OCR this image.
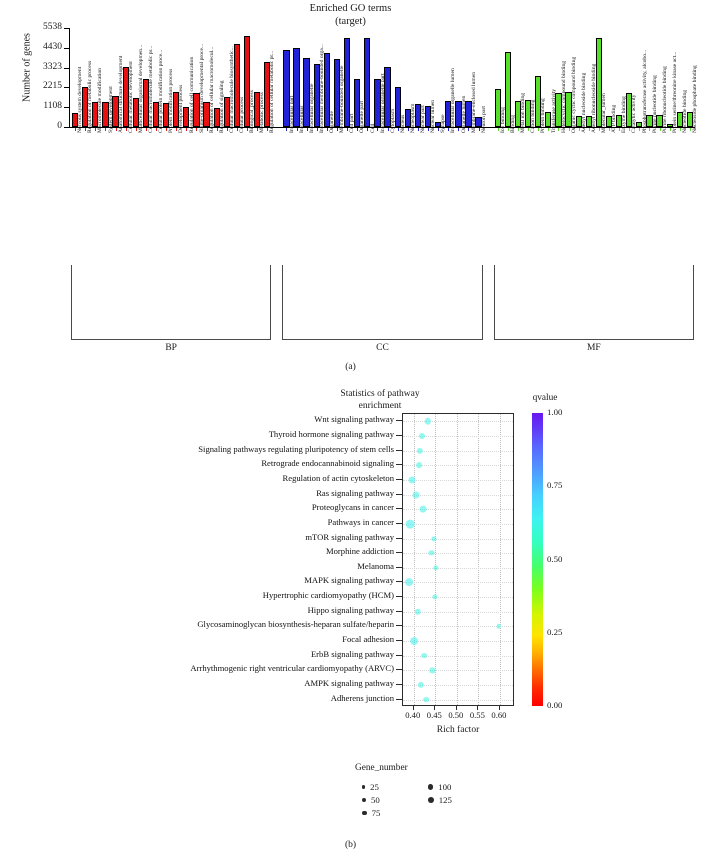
Enriched GO terms
(target)
Number of genes
0
1108
2215
3323
4430
5538
Nervous system development Regulation of metabolic process Macromolecule modification System development Anatomical structure development Cellular metabolic development Multicellular organismal developmen... Cellular macromolecule metabolic pr... Cellular protein modification proce... Protein modification process Development process Regulation of cell communication Single-organism developmental proce... Regulation of cellular macromolecul... Regulation of signaling Cellular macromolecule biosynthetic... Cellular process Biological_process Metabolic process Regulation of cellular metabolic pr... Intracellular part Intracellular Intracellular organelle Intracellular membrane-bounded orga... Organelle Membrane-bounded organelle Cell part Organelle part Cell Intracellular organelle part Cytoplasm Nucleus Nucleoplasm Nuclear part Nuclear lumen Synapse Intracellular organelle lumen Organelle lumen Membrane-enclosed lumen Neuron part Ion binding Binding Metal ion binding Cation binding Protein binding Transferase activity Heterocyclic compound binding Organic cyclic compound binding Adenyl nucleoside binding Adenyl ribonucleoside binding Molecular_lumen ATP binding Enzyme binding Catalytic activity Phosphotransferase activity, alcoho... Purine nucleotide binding Purine ribonucleotide binding Protein serine/threonine kinase act... Nucleotide binding Nucleoside phosphate binding
BP	CC	MF
(a)
Statistics of pathway
enrichment
Wnt signaling pathway
Thyroid hormone signaling pathway
Signaling pathways regulating pluripotency of stem cells
Retrograde endocannabinoid signaling
Regulation of actin cytoskeleton
Ras signaling pathway
Proteoglycans in cancer
Pathways in cancer
mTOR signaling pathway
Morphine addiction
Melanoma
MAPK signaling pathway
Hypertrophic cardiomyopathy (HCM)
Hippo signaling pathway
Glycosaminoglycan biosynthesis-heparan sulfate/heparin
Focal adhesion
ErbB signaling pathway
Arrhythmogenic right ventricular cardiomyopathy (ARVC)
AMPK signaling pathway
Adherens junction
0.40 0.45 0.50 0.55 0.60
Rich factor
qvalue
1.00
0.75
0.50
0.25
0.00
Gene_number
25
50
75
100
125
(b)
